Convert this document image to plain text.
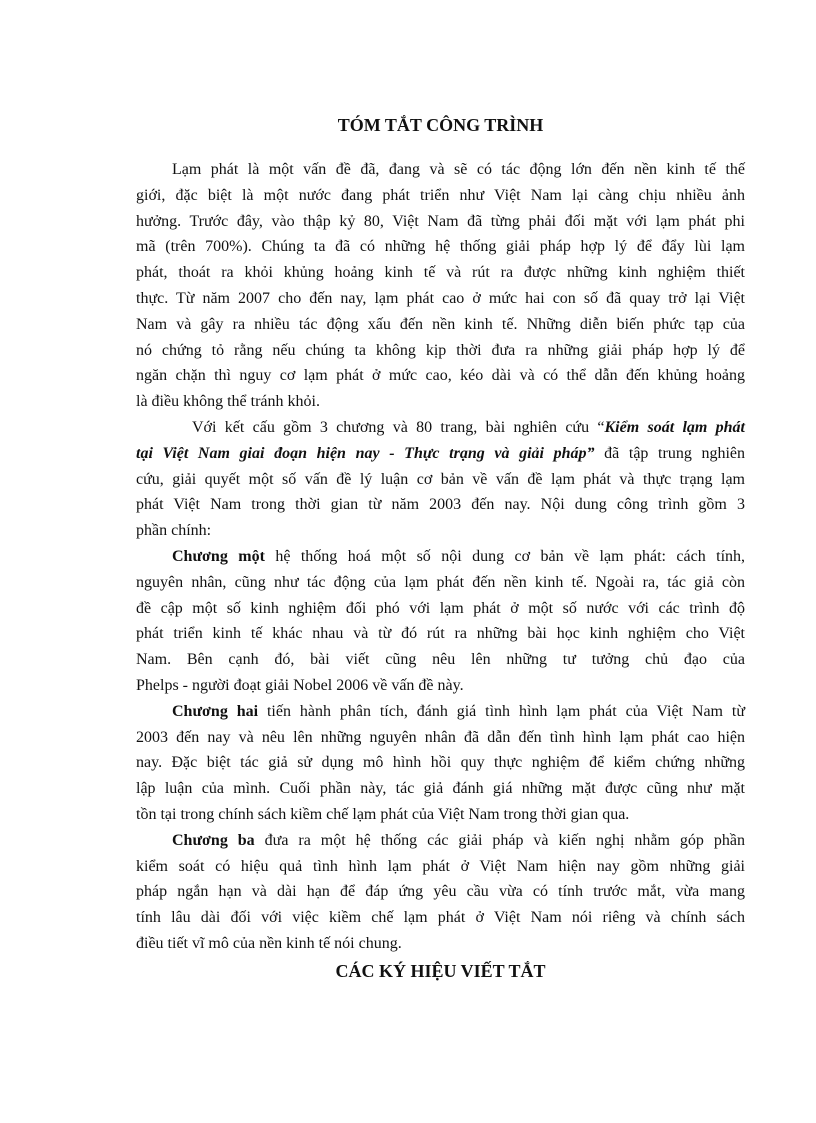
TÓM TẮT CÔNG TRÌNH
Lạm phát là một vấn đề đã, đang và sẽ có tác động lớn đến nền kinh tế thế
giới, đặc biệt là một nước đang phát triển như Việt Nam lại càng chịu nhiều ảnh
hưởng. Trước đây, vào thập kỷ 80, Việt Nam đã từng phải đối mặt với lạm phát phi
mã (trên 700%). Chúng ta đã có những hệ thống giải pháp hợp lý để đẩy lùi lạm
phát, thoát ra khỏi khủng hoảng kinh tế và rút ra được những kinh nghiệm thiết
thực. Từ năm 2007 cho đến nay, lạm phát cao ở mức hai con số đã quay trở lại Việt
Nam và gây ra nhiều tác động xấu đến nền kinh tế. Những diễn biến phức tạp của
nó chứng tỏ rằng nếu chúng ta không kịp thời đưa ra những giải pháp hợp lý để
ngăn chặn thì nguy cơ lạm phát ở mức cao, kéo dài và có thể dẫn đến khủng hoảng
là điều không thể tránh khỏi.
Với kết cấu gồm 3 chương và 80 trang, bài nghiên cứu “Kiểm soát lạm phát
tại Việt Nam giai đoạn hiện nay - Thực trạng và giải pháp” đã tập trung nghiên
cứu, giải quyết một số vấn đề lý luận cơ bản về vấn đề lạm phát và thực trạng lạm
phát Việt Nam trong thời gian từ năm 2003 đến nay. Nội dung công trình gồm 3
phần chính:
Chương một hệ thống hoá một số nội dung cơ bản về lạm phát: cách tính,
nguyên nhân, cũng như tác động của lạm phát đến nền kinh tế. Ngoài ra, tác giả còn
đề cập một số kinh nghiệm đối phó với lạm phát ở một số nước với các trình độ
phát triển kinh tế khác nhau và từ đó rút ra những bài học kinh nghiệm cho Việt
Nam. Bên cạnh đó, bài viết cũng nêu lên những tư tưởng chủ đạo của
Phelps - người đoạt giải Nobel 2006 về vấn đề này.
Chương hai tiến hành phân tích, đánh giá tình hình lạm phát của Việt Nam từ
2003 đến nay và nêu lên những nguyên nhân đã dẫn đến tình hình lạm phát cao hiện
nay. Đặc biệt tác giả sử dụng mô hình hồi quy thực nghiệm để kiểm chứng những
lập luận của mình. Cuối phần này, tác giả đánh giá những mặt được cũng như mặt
tồn tại trong chính sách kiềm chế lạm phát của Việt Nam trong thời gian qua.
Chương ba đưa ra một hệ thống các giải pháp và kiến nghị nhằm góp phần
kiểm soát có hiệu quả tình hình lạm phát ở Việt Nam hiện nay gồm những giải
pháp ngắn hạn và dài hạn để đáp ứng yêu cầu vừa có tính trước mắt, vừa mang
tính lâu dài đối với việc kiềm chế lạm phát ở Việt Nam nói riêng và chính sách
điều tiết vĩ mô của nền kinh tế nói chung.
CÁC KÝ HIỆU VIẾT TẮT
